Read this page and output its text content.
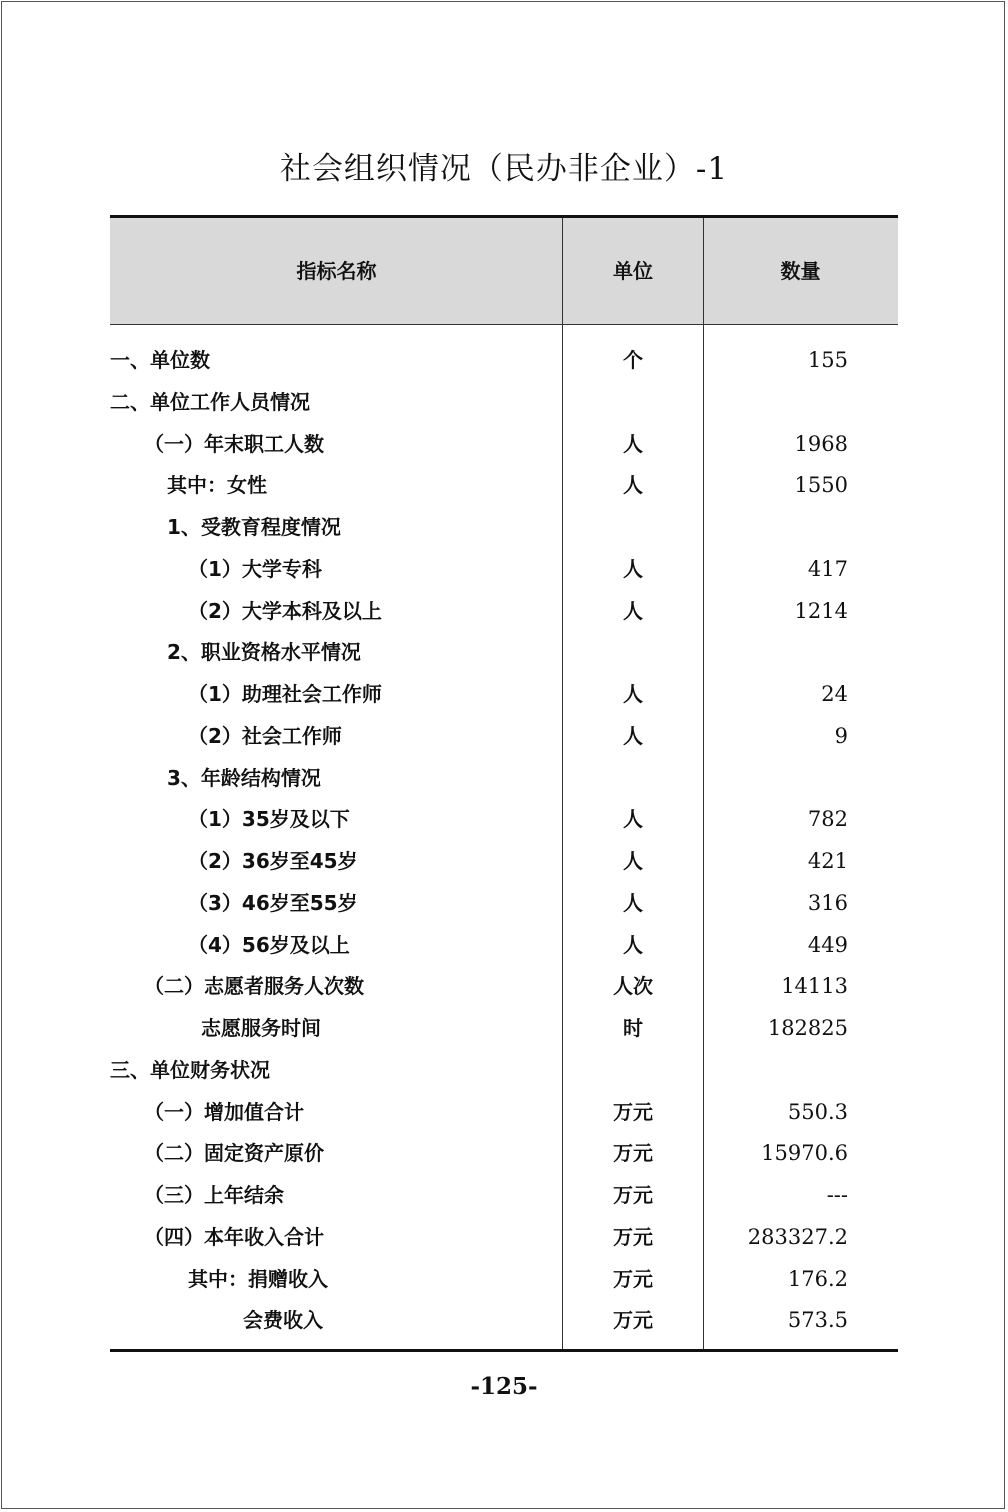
社会组织情况（民办非企业）-1
指标名称	单位	数量
一、单位数	个	155
二、单位工作人员情况
（一）年末职工人数	人	1968
其中：女性	人	1550
1、受教育程度情况
（1）大学专科	人	417
（2）大学本科及以上	人	1214
2、职业资格水平情况
（1）助理社会工作师	人	24
（2）社会工作师	人	9
3、年龄结构情况
（1）35岁及以下	人	782
（2）36岁至45岁	人	421
（3）46岁至55岁	人	316
（4）56岁及以上	人	449
（二）志愿者服务人次数	人次	14113
志愿服务时间	时	182825
三、单位财务状况
（一）增加值合计	万元	550.3
（二）固定资产原价	万元	15970.6
（三）上年结余	万元	---
（四）本年收入合计	万元	283327.2
其中：捐赠收入	万元	176.2
会费收入	万元	573.5
-125-
